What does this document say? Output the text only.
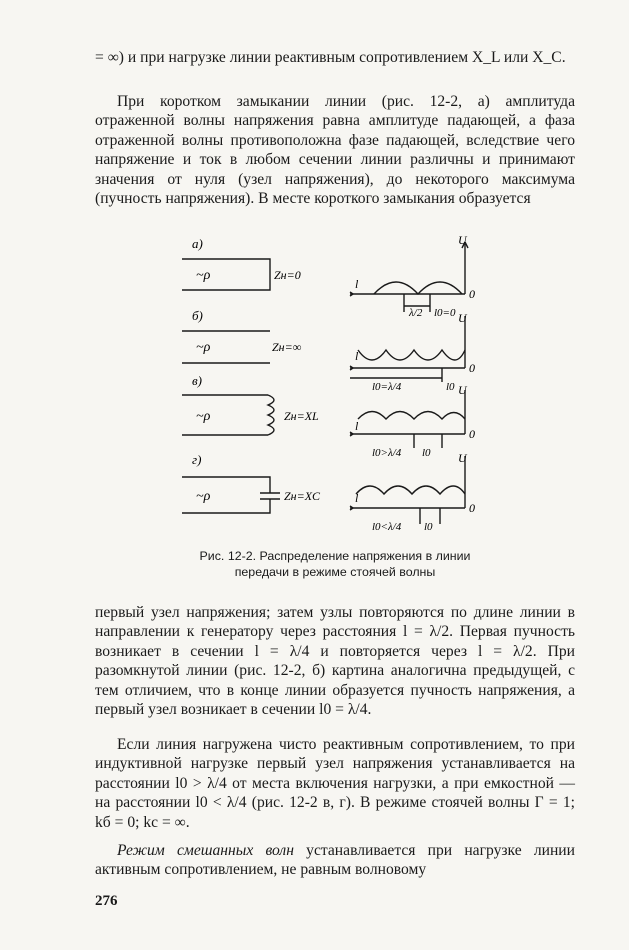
= ∞) и при нагрузке линии реактивным сопротивлением X_L или X_C.

При коротком замыкании линии (рис. 12-2, а) амплитуда отраженной волны напряжения равна амплитуде падающей, а фаза отраженной волны противоположна фазе падающей, вследствие чего напряжение и ток в любом сечении линии различны и принимают значения от нуля (узел напряжения), до некоторого максимума (пучность напряжения). В месте короткого замыкания образуется

а)
б)
в)
г)
~ρ
~ρ
~ρ
~ρ
Zн=0
Zн=∞
Zн=XL
Zн=XC
U
U
U
U
l
l
l
l
0
0
0
0
λ/2 l0=0
l0=λ/4	l0
l0>λ/4 l0
l0<λ/4 l0
Рис. 12-2. Распределение напряжения в линии передачи в режиме стоячей волны

первый узел напряжения; затем узлы повторяются по длине линии в направлении к генератору через расстояния l = λ/2. Первая пучность возникает в сечении l = λ/4 и повторяется через l = λ/2. При разомкнутой линии (рис. 12-2, б) картина аналогична предыдущей, с тем отличием, что в конце линии образуется пучность напряжения, а первый узел возникает в сечении l0 = λ/4.

Если линия нагружена чисто реактивным сопротивлением, то при индуктивной нагрузке первый узел напряжения устанавливается на расстоянии l0 > λ/4 от места включения нагрузки, а при емкостной — на расстоянии l0 < λ/4 (рис. 12-2 в, г). В режиме стоячей волны Γ = 1; kб = 0; kс = ∞.

Режим смешанных волн устанавливается при нагрузке линии активным сопротивлением, не равным волновому

276
